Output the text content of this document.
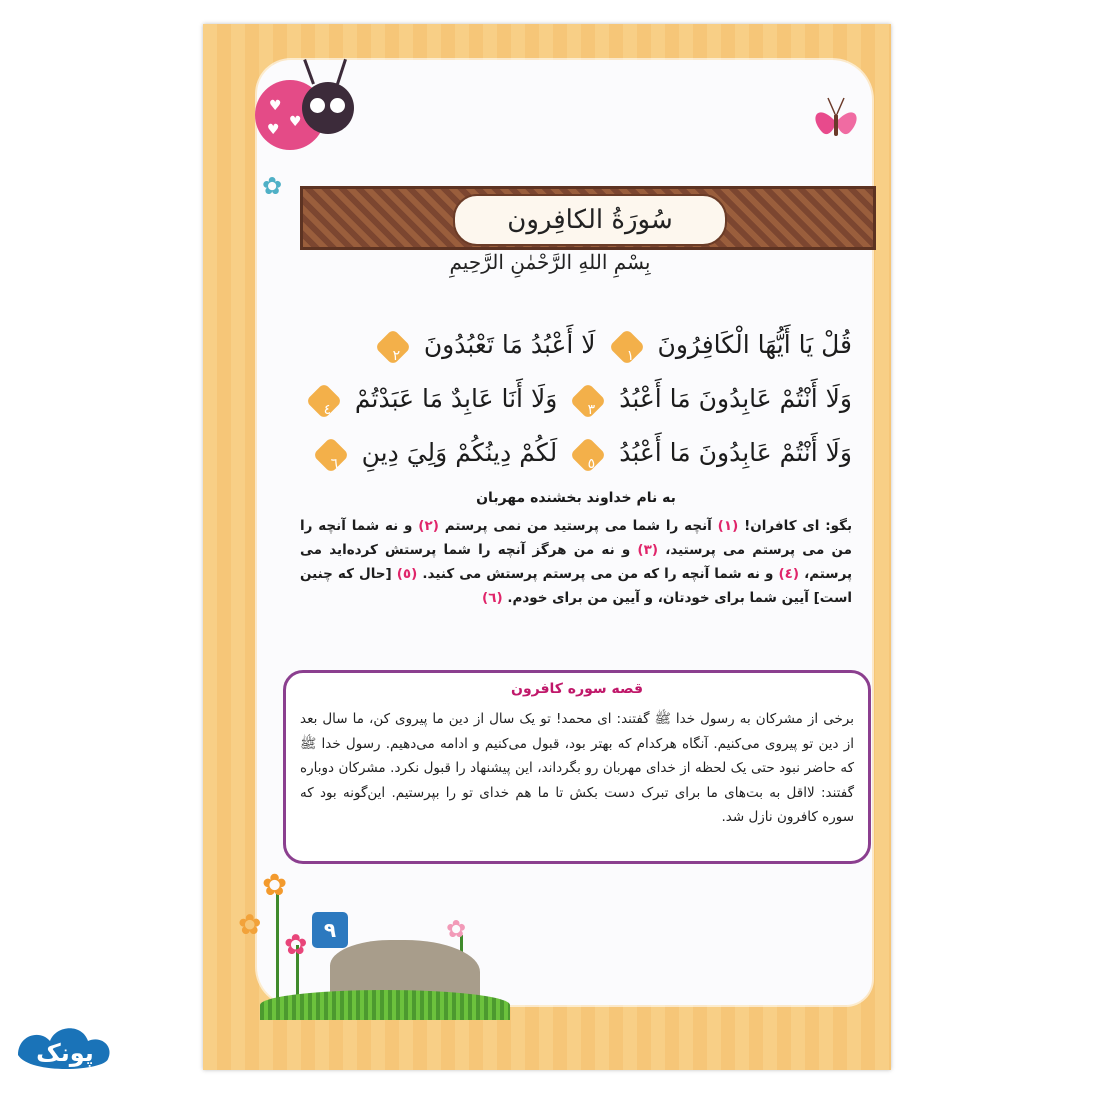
♥
♥
♥
✿
سُورَةُ الکافِرون
بِسْمِ اللهِ الرَّحْمٰنِ الرَّحِيمِ
قُلْ يَا أَيُّهَا الْكَافِرُونَ ١ لَا أَعْبُدُ مَا تَعْبُدُونَ ٢
وَلَا أَنْتُمْ عَابِدُونَ مَا أَعْبُدُ ٣ وَلَا أَنَا عَابِدٌ مَا عَبَدْتُمْ ٤
وَلَا أَنْتُمْ عَابِدُونَ مَا أَعْبُدُ ٥ لَكُمْ دِينُكُمْ وَلِيَ دِينِ ٦
به نام خداوند بخشنده مهربان
بگو: ای کافران! (١) آنچه را شما می پرستید من نمی پرستم (٢) و نه شما آنچه را من می پرستم می پرستید، (٣) و نه من هرگز آنچه را شما پرستش کرده‌اید می پرستم، (٤) و نه شما آنچه را که من می پرستم پرستش می کنید. (٥) [حال که چنین است] آیین شما برای خودتان، و آیین من برای خودم. (٦)
قصه سوره کافرون
برخی از مشرکان به رسول خدا ﷺ گفتند: ای محمد! تو یک سال از دین ما پیروی کن، ما سال بعد از دین تو پیروی می‌کنیم. آنگاه هرکدام که بهتر بود، قبول می‌کنیم و ادامه می‌دهیم. رسول خدا ﷺ که حاضر نبود حتی یک لحظه از خدای مهربان رو بگرداند، این پیشنهاد را قبول نکرد. مشرکان دوباره گفتند: لااقل به بت‌های ما برای تبرک دست بکش تا ما هم خدای تو را بپرستیم. این‌گونه بود که سوره کافرون نازل شد.
✿
✿
✿	✿
٩
پونک
